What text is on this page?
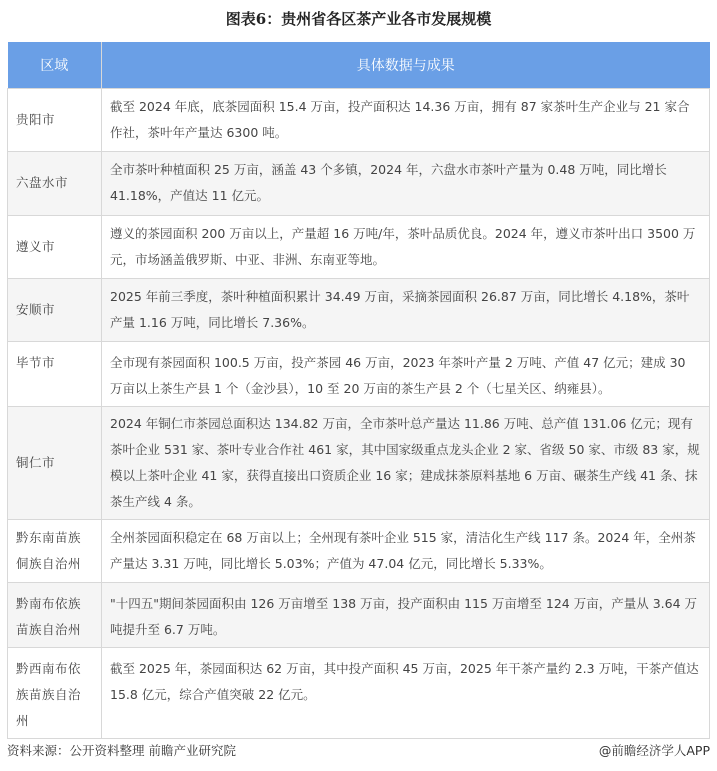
图表6：贵州省各区茶产业各市发展规模
区域	具体数据与成果
贵阳市	截至 2024 年底，底茶园面积 15.4 万亩，投产面积达 14.36 万亩，拥有 87 家茶叶生产企业与 21 家合作社，茶叶年产量达 6300 吨。
六盘水市	全市茶叶种植面积 25 万亩，涵盖 43 个多镇，2024 年，六盘水市茶叶产量为 0.48 万吨，同比增长 41.18%，产值达 11 亿元。
遵义市	遵义的茶园面积 200 万亩以上，产量超 16 万吨/年，茶叶品质优良。2024 年，遵义市茶叶出口 3500 万元，市场涵盖俄罗斯、中亚、非洲、东南亚等地。
安顺市	2025 年前三季度，茶叶种植面积累计 34.49 万亩，采摘茶园面积 26.87 万亩，同比增长 4.18%，茶叶产量 1.16 万吨，同比增长 7.36%。
毕节市	全市现有茶园面积 100.5 万亩，投产茶园 46 万亩，2023 年茶叶产量 2 万吨、产值 47 亿元；建成 30 万亩以上茶生产县 1 个（金沙县），10 至 20 万亩的茶生产县 2 个（七星关区、纳雍县）。
铜仁市	2024 年铜仁市茶园总面积达 134.82 万亩，全市茶叶总产量达 11.86 万吨、总产值 131.06 亿元；现有茶叶企业 531 家、茶叶专业合作社 461 家，其中国家级重点龙头企业 2 家、省级 50 家、市级 83 家，规模以上茶叶企业 41 家，获得直接出口资质企业 16 家；建成抹茶原料基地 6 万亩、碾茶生产线 41 条、抹茶生产线 4 条。
黔东南苗族侗族自治州	全州茶园面积稳定在 68 万亩以上；全州现有茶叶企业 515 家，清洁化生产线 117 条。2024 年，全州茶产量达 3.31 万吨，同比增长 5.03%；产值为 47.04 亿元，同比增长 5.33%。
黔南布依族苗族自治州	"十四五"期间茶园面积由 126 万亩增至 138 万亩，投产面积由 115 万亩增至 124 万亩，产量从 3.64 万吨提升至 6.7 万吨。
黔西南布依族苗族自治州	截至 2025 年，茶园面积达 62 万亩，其中投产面积 45 万亩，2025 年干茶产量约 2.3 万吨，干茶产值达 15.8 亿元，综合产值突破 22 亿元。
资料来源：公开资料整理 前瞻产业研究院	@前瞻经济学人APP
